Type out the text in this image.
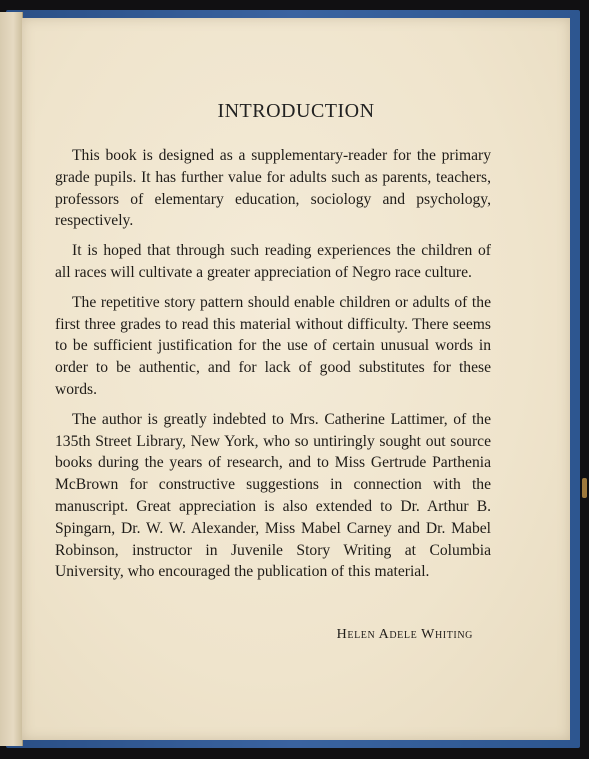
INTRODUCTION

This book is designed as a supplementary-reader for the primary grade pupils. It has further value for adults such as parents, teachers, professors of elementary education, sociology and psychology, respectively.

It is hoped that through such reading experiences the children of all races will cultivate a greater appreciation of Negro race culture.

The repetitive story pattern should enable children or adults of the first three grades to read this material without difficulty. There seems to be sufficient justification for the use of certain unusual words in order to be authentic, and for lack of good substitutes for these words.

The author is greatly indebted to Mrs. Catherine Lattimer, of the 135th Street Library, New York, who so untiringly sought out source books during the years of research, and to Miss Gertrude Parthenia McBrown for constructive suggestions in connection with the manuscript. Great appreciation is also extended to Dr. Arthur B. Spingarn, Dr. W. W. Alexander, Miss Mabel Carney and Dr. Mabel Robinson, instructor in Juvenile Story Writing at Columbia University, who encouraged the publication of this material.

Helen Adele Whiting
